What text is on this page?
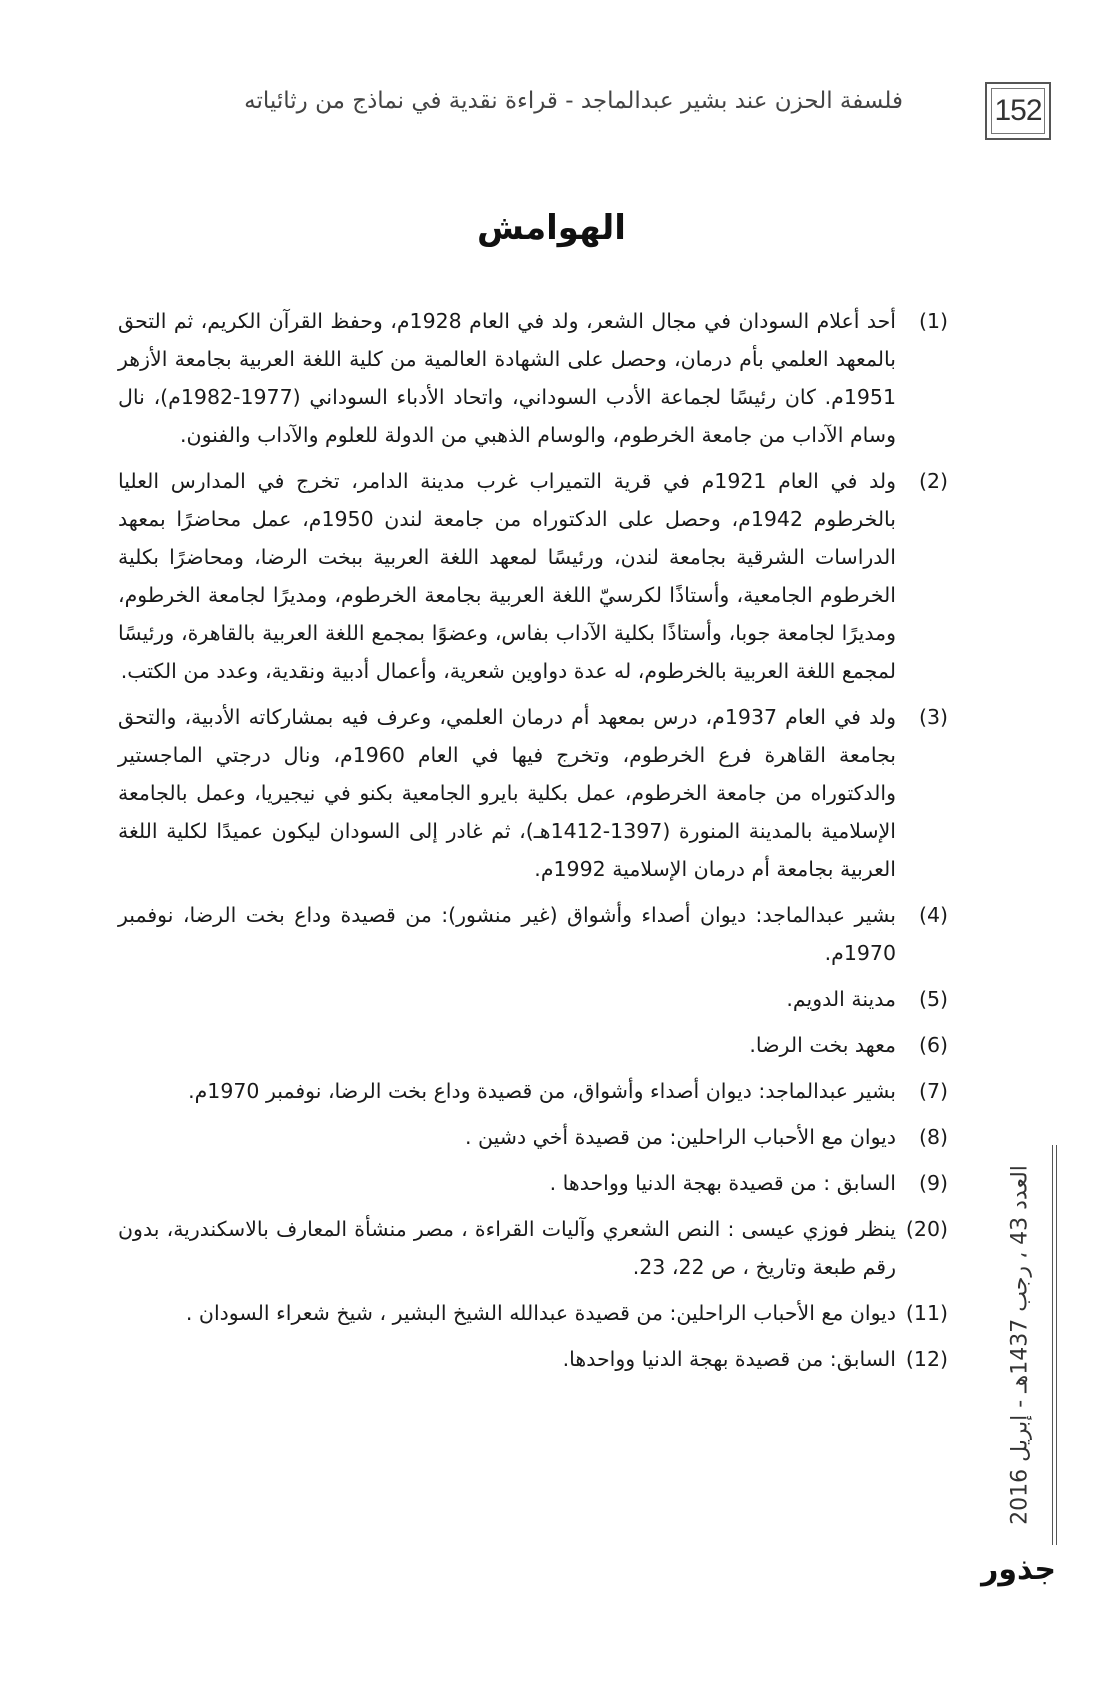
فلسفة الحزن عند بشير عبدالماجد - قراءة نقدية في نماذج من رثائياته	152
الهوامش
(1)
أحد أعلام السودان في مجال الشعر، ولد في العام 1928م، وحفظ القرآن الكريم، ثم التحق بالمعهد العلمي بأم درمان، وحصل على الشهادة العالمية من كلية اللغة العربية بجامعة الأزهر 1951م. كان رئيسًا لجماعة الأدب السوداني، واتحاد الأدباء السوداني (1977-1982م)، نال وسام الآداب من جامعة الخرطوم، والوسام الذهبي من الدولة للعلوم والآداب والفنون.
(2)
ولد في العام 1921م في قرية التميراب غرب مدينة الدامر، تخرج في المدارس العليا بالخرطوم 1942م، وحصل على الدكتوراه من جامعة لندن 1950م، عمل محاضرًا بمعهد الدراسات الشرقية بجامعة لندن، ورئيسًا لمعهد اللغة العربية ببخت الرضا، ومحاضرًا بكلية الخرطوم الجامعية، وأستاذًا لكرسيّ اللغة العربية بجامعة الخرطوم، ومديرًا لجامعة الخرطوم، ومديرًا لجامعة جوبا، وأستاذًا بكلية الآداب بفاس، وعضوًا بمجمع اللغة العربية بالقاهرة، ورئيسًا لمجمع اللغة العربية بالخرطوم، له عدة دواوين شعرية، وأعمال أدبية ونقدية، وعدد من الكتب.
(3)
ولد في العام 1937م، درس بمعهد أم درمان العلمي، وعرف فيه بمشاركاته الأدبية، والتحق بجامعة القاهرة فرع الخرطوم، وتخرج فيها في العام 1960م، ونال درجتي الماجستير والدكتوراه من جامعة الخرطوم، عمل بكلية بايرو الجامعية بكنو في نيجيريا، وعمل بالجامعة الإسلامية بالمدينة المنورة (1397-1412هـ)، ثم غادر إلى السودان ليكون عميدًا لكلية اللغة العربية بجامعة أم درمان الإسلامية 1992م.
(4)
بشير عبدالماجد: ديوان أصداء وأشواق (غير منشور): من قصيدة وداع بخت الرضا، نوفمبر 1970م.
(5)
مدينة الدويم.
(6)
معهد بخت الرضا.
(7)
بشير عبدالماجد: ديوان أصداء وأشواق، من قصيدة وداع بخت الرضا، نوفمبر 1970م.
(8)
ديوان مع الأحباب الراحلين: من قصيدة أخي دشين .
(9)
السابق : من قصيدة بهجة الدنيا وواحدها .
(20)
ينظر فوزي عيسى : النص الشعري وآليات القراءة ، مصر منشأة المعارف بالاسكندرية، بدون رقم طبعة وتاريخ ، ص 22، 23.
(11)
ديوان مع الأحباب الراحلين: من قصيدة عبدالله الشيخ البشير ، شيخ شعراء السودان .
(12)
السابق: من قصيدة بهجة الدنيا وواحدها.
العدد 43 ، رجب 1437هـ - إبريل 2016
جذور
